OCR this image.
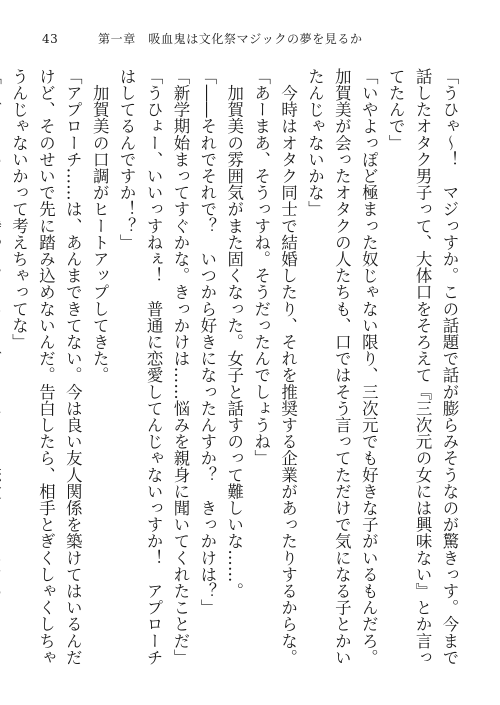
43	第一章　吸血鬼は文化祭マジックの夢を見るか

「うひゃ～！　マジっすか。この話題で話が膨らみそうなのが驚きっす。今まで話したオタク男子って、大体口をそろえて『三次元の女には興味ない』とか言ってたんで」

「いやよっぽど極まった奴じゃない限り、三次元でも好きな子がいるもんだろ。加賀美が会ったオタクの人たちも、口ではそう言ってただけで気になる子とかいたんじゃないかな」

　今時はオタク同士で結婚したり、それを推奨する企業があったりするからな。

「あーまあ、そうっすね。そうだったんでしょうね」

　加賀美の雰囲気がまた固くなった。女子と話すのって難しいな……。

「――それでそれで？　いつから好きになったんすか？　きっかけは？」

「新学期始まってすぐかな。きっかけは……悩みを親身に聞いてくれたことだ」

「うひょー、いいっすねぇ！　普通に恋愛してんじゃないっすか！　アプローチはしてるんですか！？」

　加賀美の口調がヒートアップしてきた。

「アプローチ……は、あんまできてない。今は良い友人関係を築けてはいるんだけど、そのせいで先に踏み込めないんだ。告白したら、相手とぎくしゃくしちゃうんじゃないかって考えちゃってな」
